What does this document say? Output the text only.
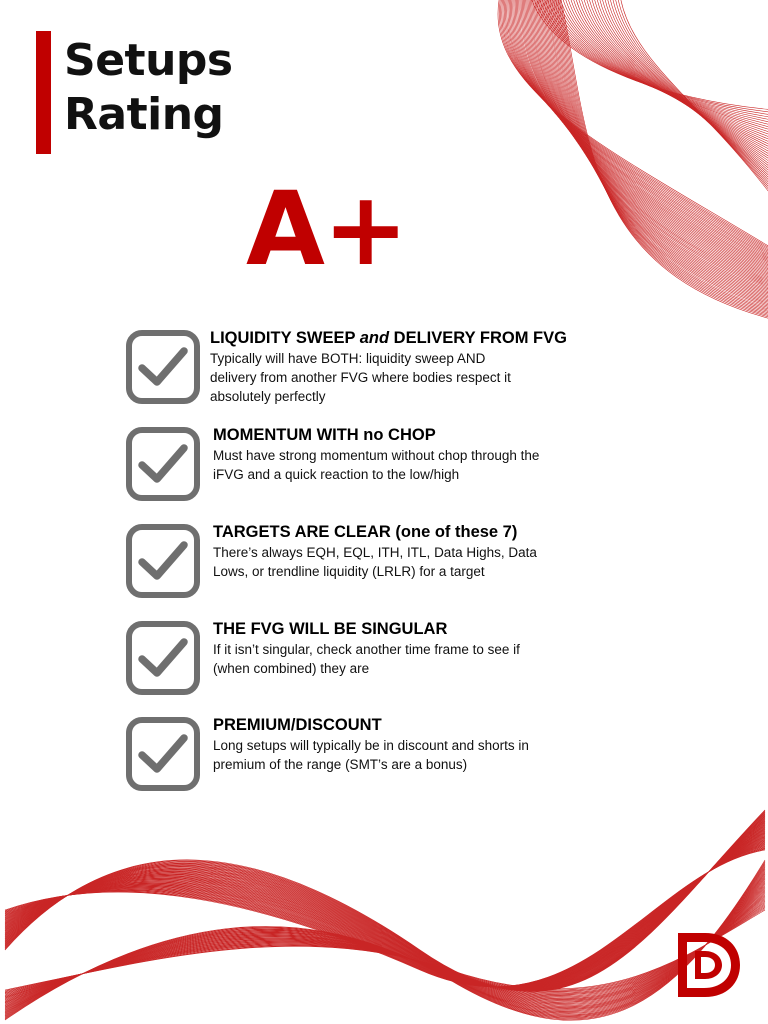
Setups
Rating
A+

LIQUIDITY SWEEP and DELIVERY FROM FVG

Typically will have BOTH: liquidity sweep AND delivery from another FVG where bodies respect it absolutely perfectly

MOMENTUM WITH no CHOP

Must have strong momentum without chop through the iFVG and a quick reaction to the low/high

TARGETS ARE CLEAR (one of these 7)

There’s always EQH, EQL, ITH, ITL, Data Highs, Data Lows, or trendline liquidity (LRLR) for a target

THE FVG WILL BE SINGULAR

If it isn’t singular, check another time frame to see if (when combined) they are

PREMIUM/DISCOUNT

Long setups will typically be in discount and shorts in premium of the range (SMT’s are a bonus)
